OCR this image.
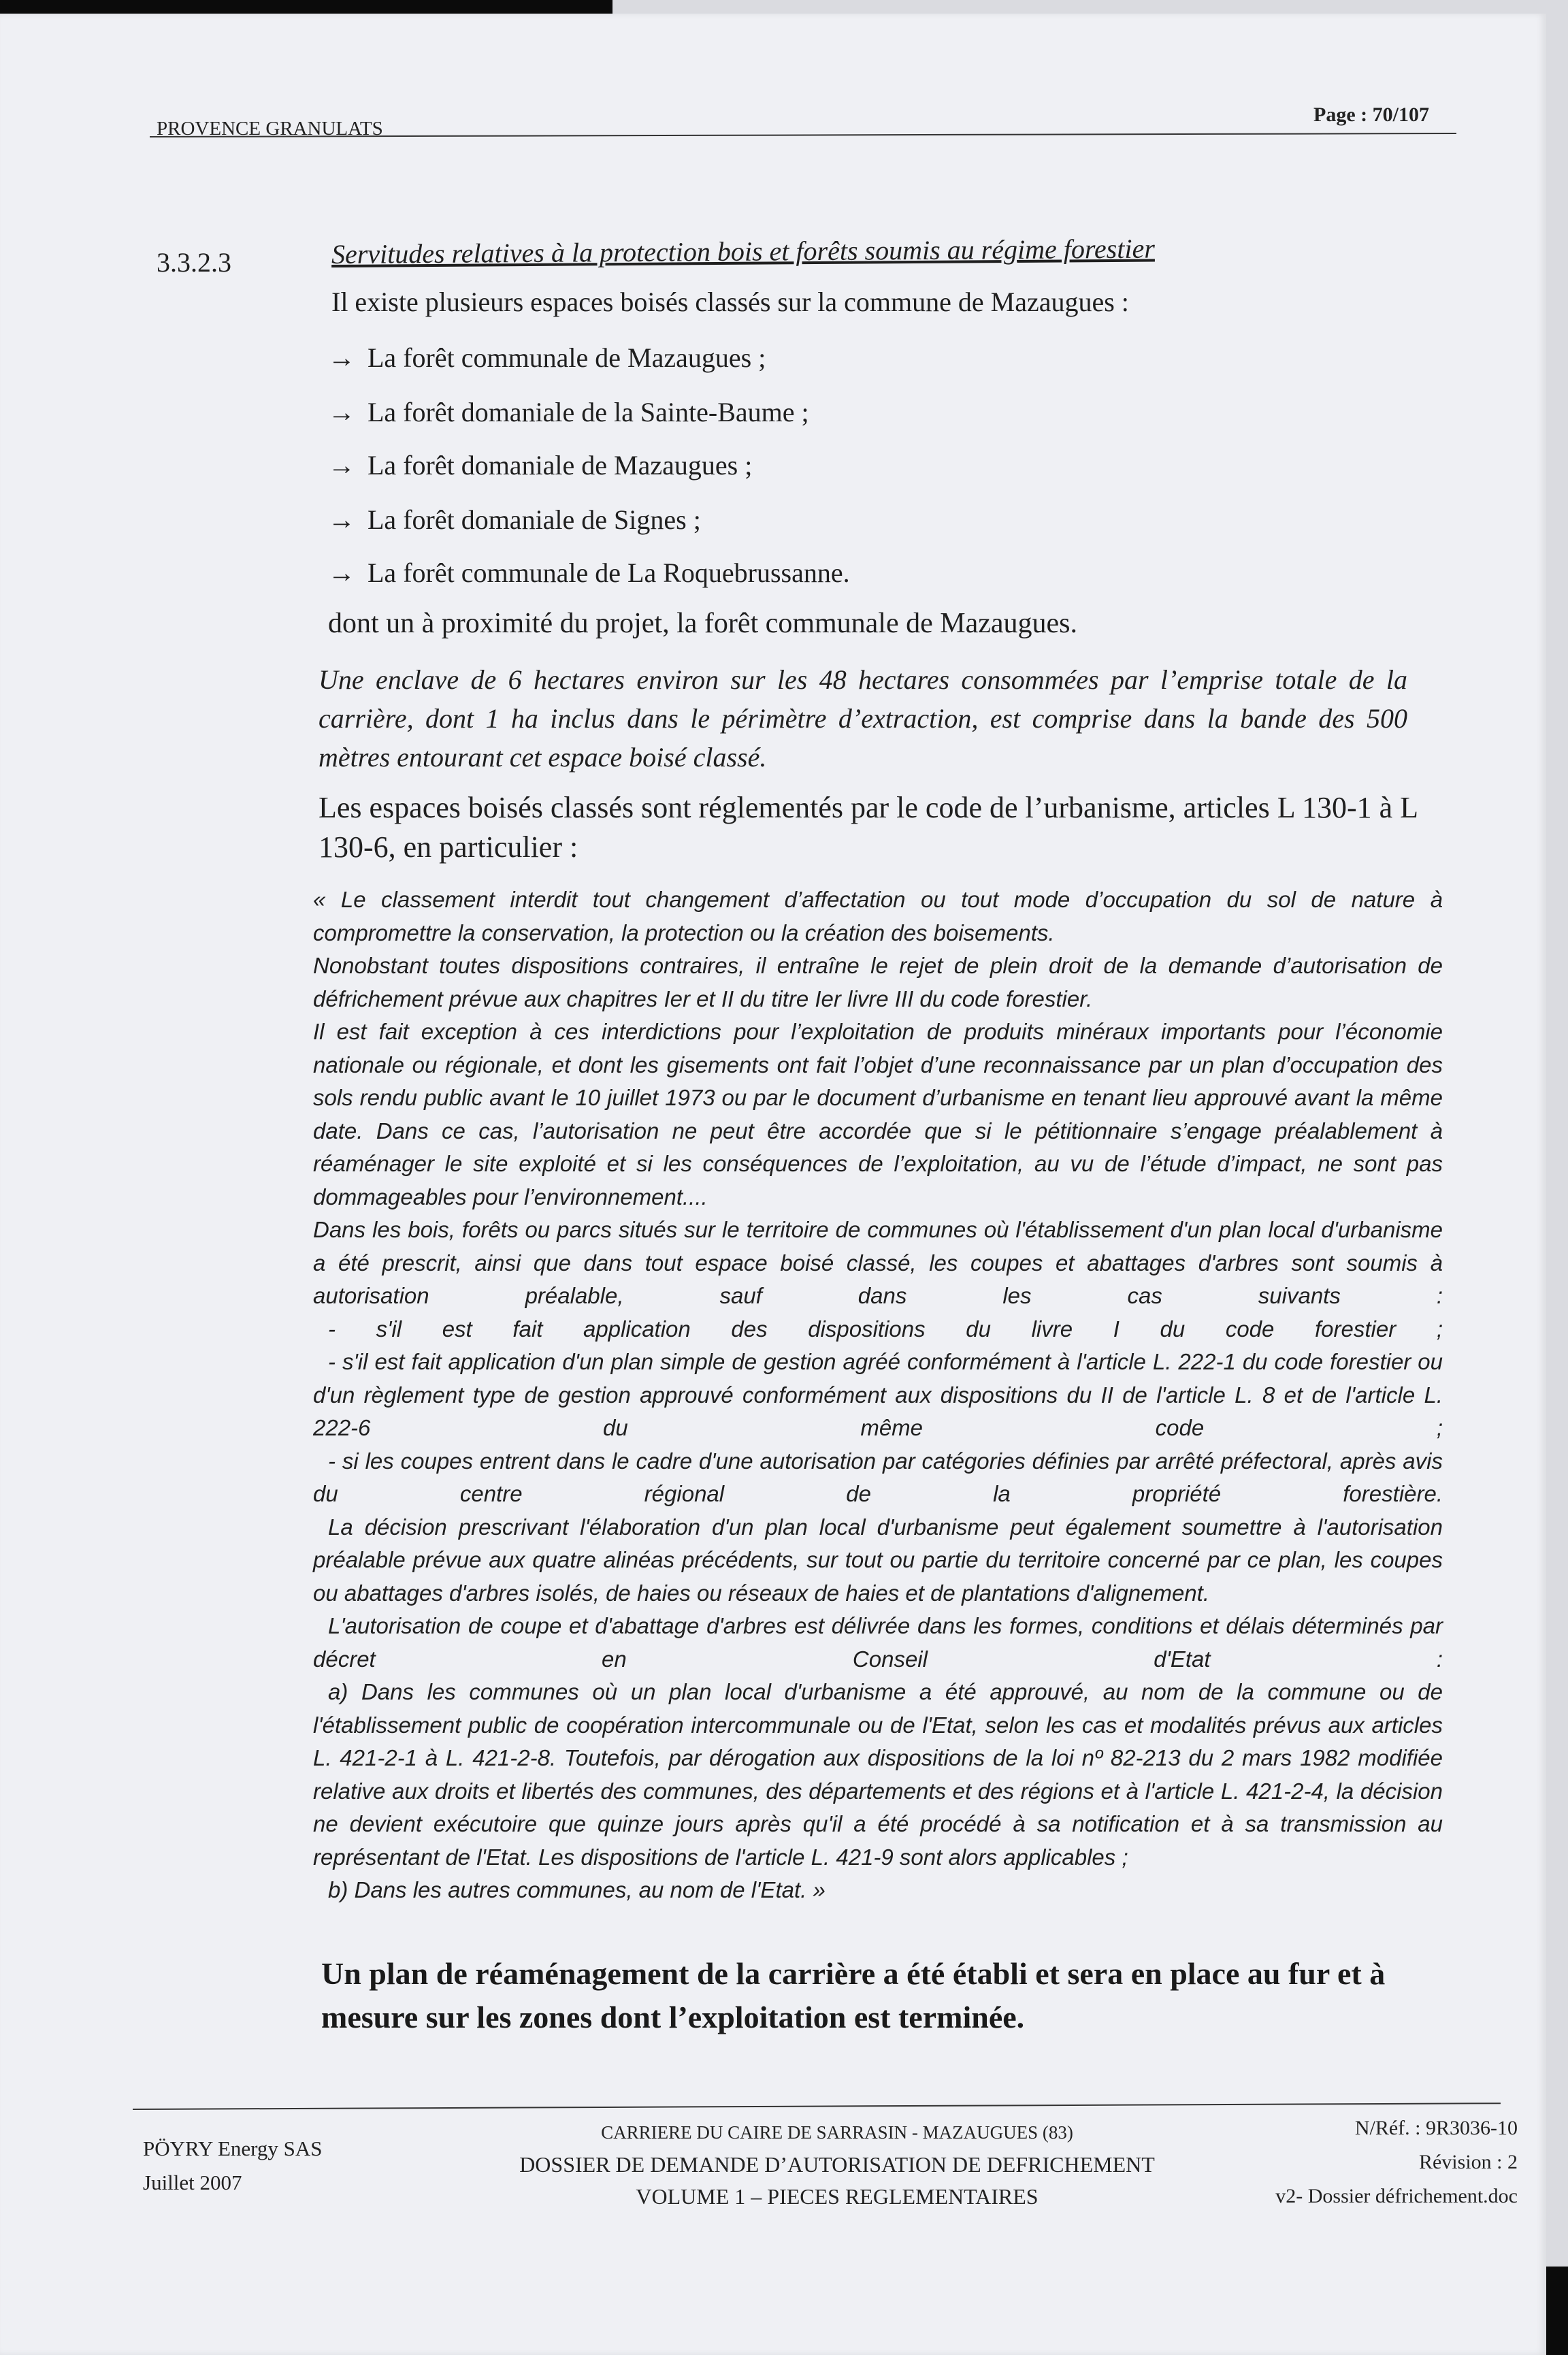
PROVENCE GRANULATS
Page : 70/107
3.3.2.3	Servitudes relatives à la protection bois et forêts soumis au régime forestier
Il existe plusieurs espaces boisés classés sur la commune de Mazaugues :
→ La forêt communale de Mazaugues ;
→ La forêt domaniale de la Sainte-Baume ;
→ La forêt domaniale de Mazaugues ;
→ La forêt domaniale de Signes ;
→ La forêt communale de La Roquebrussanne.
dont un à proximité du projet, la forêt communale de Mazaugues.
Une enclave de 6 hectares environ sur les 48 hectares consommées par l’emprise totale de la carrière, dont 1 ha inclus dans le périmètre d’extraction, est comprise dans la bande des 500 mètres entourant cet espace boisé classé.
Les espaces boisés classés sont réglementés par le code de l’urbanisme, articles L 130-1 à L 130-6, en particulier :

« Le classement interdit tout changement d’affectation ou tout mode d’occupation du sol de nature à compromettre la conservation, la protection ou la création des boisements.

Nonobstant toutes dispositions contraires, il entraîne le rejet de plein droit de la demande d’autorisation de défrichement prévue aux chapitres Ier et II du titre Ier livre III du code forestier.

Il est fait exception à ces interdictions pour l’exploitation de produits minéraux importants pour l’économie nationale ou régionale, et dont les gisements ont fait l’objet d’une reconnaissance par un plan d’occupation des sols rendu public avant le 10 juillet 1973 ou par le document d’urbanisme en tenant lieu approuvé avant la même date. Dans ce cas, l’autorisation ne peut être accordée que si le pétitionnaire s’engage préalablement à réaménager le site exploité et si les conséquences de l’exploitation, au vu de l’étude d’impact, ne sont pas dommageables pour l’environnement....

Dans les bois, forêts ou parcs situés sur le territoire de communes où l'établissement d'un plan local d'urbanisme a été prescrit, ainsi que dans tout espace boisé classé, les coupes et abattages d'arbres sont soumis à autorisation préalable, sauf dans les cas suivants :

- s'il est fait application des dispositions du livre I du code forestier ;

- s'il est fait application d'un plan simple de gestion agréé conformément à l'article L. 222-1 du code forestier ou d'un règlement type de gestion approuvé conformément aux dispositions du II de l'article L. 8 et de l'article L. 222-6 du même code ;

- si les coupes entrent dans le cadre d'une autorisation par catégories définies par arrêté préfectoral, après avis du centre régional de la propriété forestière.

La décision prescrivant l'élaboration d'un plan local d'urbanisme peut également soumettre à l'autorisation préalable prévue aux quatre alinéas précédents, sur tout ou partie du territoire concerné par ce plan, les coupes ou abattages d'arbres isolés, de haies ou réseaux de haies et de plantations d'alignement.

L'autorisation de coupe et d'abattage d'arbres est délivrée dans les formes, conditions et délais déterminés par décret en Conseil d'Etat :

a) Dans les communes où un plan local d'urbanisme a été approuvé, au nom de la commune ou de l'établissement public de coopération intercommunale ou de l'Etat, selon les cas et modalités prévus aux articles L. 421-2-1 à L. 421-2-8. Toutefois, par dérogation aux dispositions de la loi nº 82-213 du 2 mars 1982 modifiée relative aux droits et libertés des communes, des départements et des régions et à l'article L. 421-2-4, la décision ne devient exécutoire que quinze jours après qu'il a été procédé à sa notification et à sa transmission au représentant de l'Etat. Les dispositions de l'article L. 421-9 sont alors applicables ;

b) Dans les autres communes, au nom de l'Etat. »

Un plan de réaménagement de la carrière a été établi et sera en place au fur et à mesure sur les zones dont l’exploitation est terminée.
PÖYRY Energy SAS
Juillet 2007
CARRIERE DU CAIRE DE SARRASIN - MAZAUGUES (83)
DOSSIER DE DEMANDE D’AUTORISATION DE DEFRICHEMENT
VOLUME 1 – PIECES REGLEMENTAIRES
N/Réf. : 9R3036-10
Révision : 2
v2- Dossier défrichement.doc
